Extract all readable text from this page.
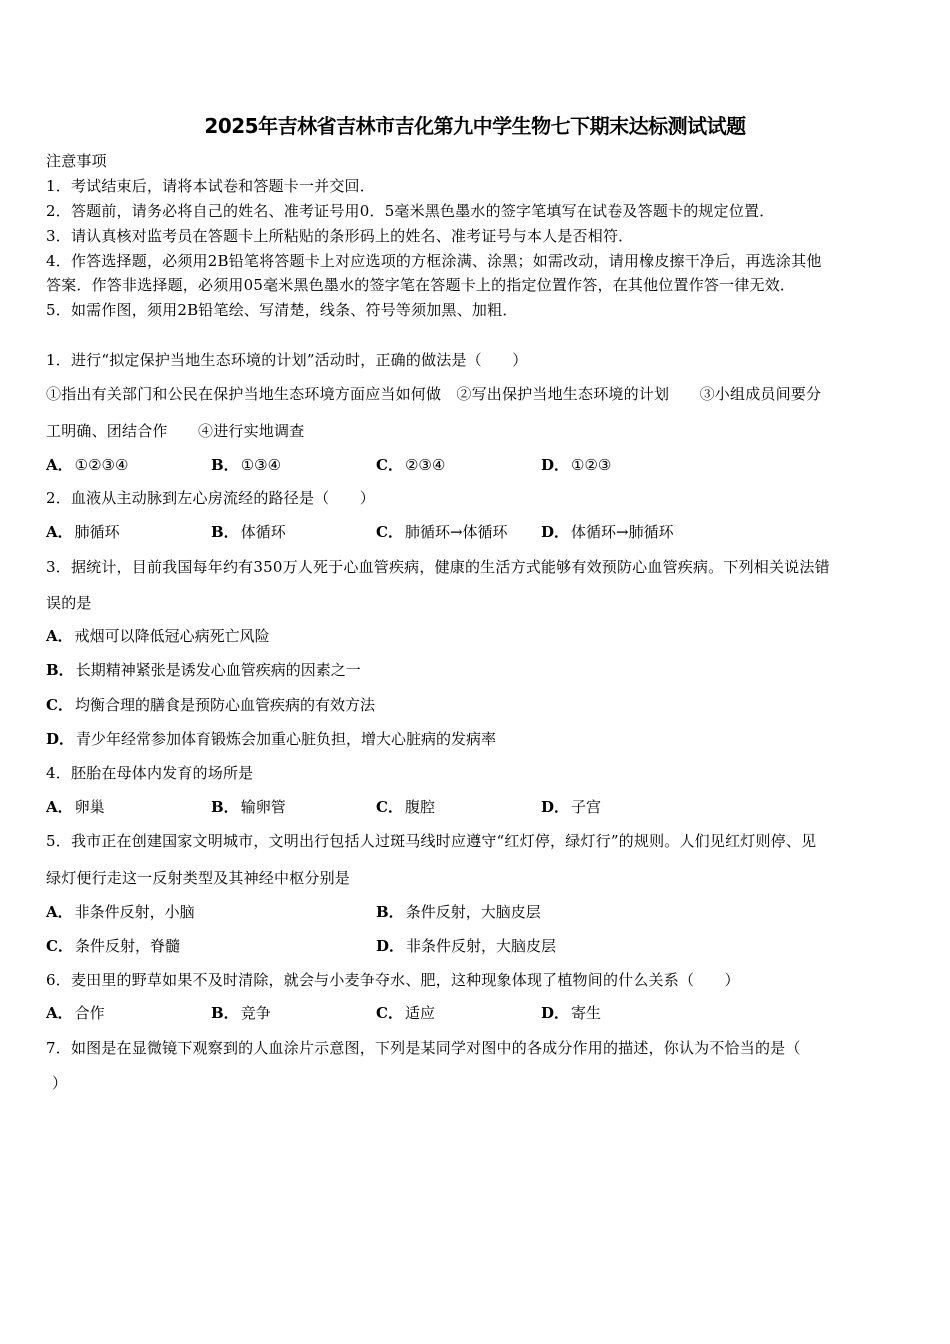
2025年吉林省吉林市吉化第九中学生物七下期末达标测试试题
注意事项
1．考试结束后，请将本试卷和答题卡一并交回．
2．答题前，请务必将自己的姓名、准考证号用0．5毫米黑色墨水的签字笔填写在试卷及答题卡的规定位置．
3．请认真核对监考员在答题卡上所粘贴的条形码上的姓名、准考证号与本人是否相符．
4．作答选择题，必须用2B铅笔将答题卡上对应选项的方框涂满、涂黑；如需改动，请用橡皮擦干净后，再选涂其他
答案．作答非选择题，必须用05毫米黑色墨水的签字笔在答题卡上的指定位置作答，在其他位置作答一律无效．
5．如需作图，须用2B铅笔绘、写清楚，线条、符号等须加黑、加粗．
1．进行“拟定保护当地生态环境的计划”活动时，正确的做法是（　　）
①指出有关部门和公民在保护当地生态环境方面应当如何做　②写出保护当地生态环境的计划　　③小组成员间要分
工明确、团结合作　　④进行实地调查
A． ①②③④	B． ①③④	C． ②③④	D． ①②③
2．血液从主动脉到左心房流经的路径是（　　）
A． 肺循环	B． 体循环	C． 肺循环→体循环 D． 体循环→肺循环
3．据统计，目前我国每年约有350万人死于心血管疾病，健康的生活方式能够有效预防心血管疾病。下列相关说法错
误的是
A． 戒烟可以降低冠心病死亡风险
B． 长期精神紧张是诱发心血管疾病的因素之一
C． 均衡合理的膳食是预防心血管疾病的有效方法
D． 青少年经常参加体育锻炼会加重心脏负担，增大心脏病的发病率
4．胚胎在母体内发育的场所是
A． 卵巢	B． 输卵管	C． 腹腔	D． 子宫
5．我市正在创建国家文明城市，文明出行包括人过斑马线时应遵守“红灯停，绿灯行”的规则。人们见红灯则停、见
绿灯便行走这一反射类型及其神经中枢分别是
A． 非条件反射，小脑	B． 条件反射，大脑皮层
C． 条件反射，脊髓	D． 非条件反射，大脑皮层
6．麦田里的野草如果不及时清除，就会与小麦争夺水、肥，这种现象体现了植物间的什么关系（　　）
A． 合作	B． 竞争	C． 适应	D． 寄生
7．如图是在显微镜下观察到的人血涂片示意图，下列是某同学对图中的各成分作用的描述，你认为不恰当的是（
）
